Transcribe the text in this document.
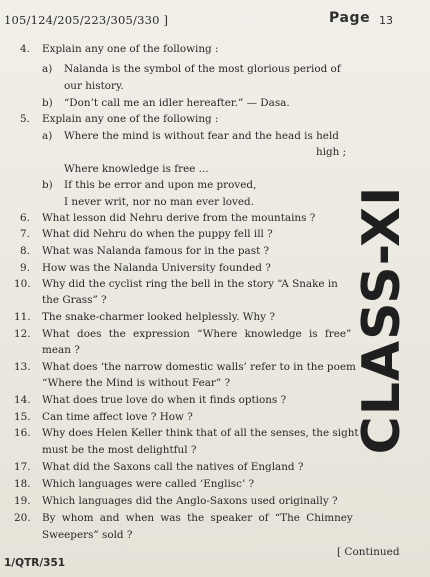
105/124/205/223/305/330 ]	Page 13
4. Explain any one of the following :
a) Nalanda is the symbol of the most glorious period of
our history.
b) “Don’t call me an idler hereafter.” — Dasa.
5. Explain any one of the following :
a) Where the mind is without fear and the head is held
high ;
Where knowledge is free ...
b) If this be error and upon me proved,
I never writ, nor no man ever loved.
6. What lesson did Nehru derive from the mountains ?
7. What did Nehru do when the puppy fell ill ?
8. What was Nalanda famous for in the past ?
9. How was the Nalanda University founded ?
10. Why did the cyclist ring the bell in the story “A Snake in
the Grass” ?
11. The snake-charmer looked helplessly. Why ?
12. What does the expression “Where knowledge is free”
mean ?
13. What does ‘the narrow domestic walls’ refer to in the poem
“Where the Mind is without Fear” ?
14. What does true love do when it finds options ?
15. Can time affect love ? How ?
16. Why does Helen Keller think that of all the senses, the sight
must be the most delightful ?
17. What did the Saxons call the natives of England ?
18. Which languages were called ‘Englisc’ ?
19. Which languages did the Anglo-Saxons used originally ?
20. By whom and when was the speaker of “The Chimney
Sweepers” sold ?
CLASS-XI
1/QTR/351
[ Continued
